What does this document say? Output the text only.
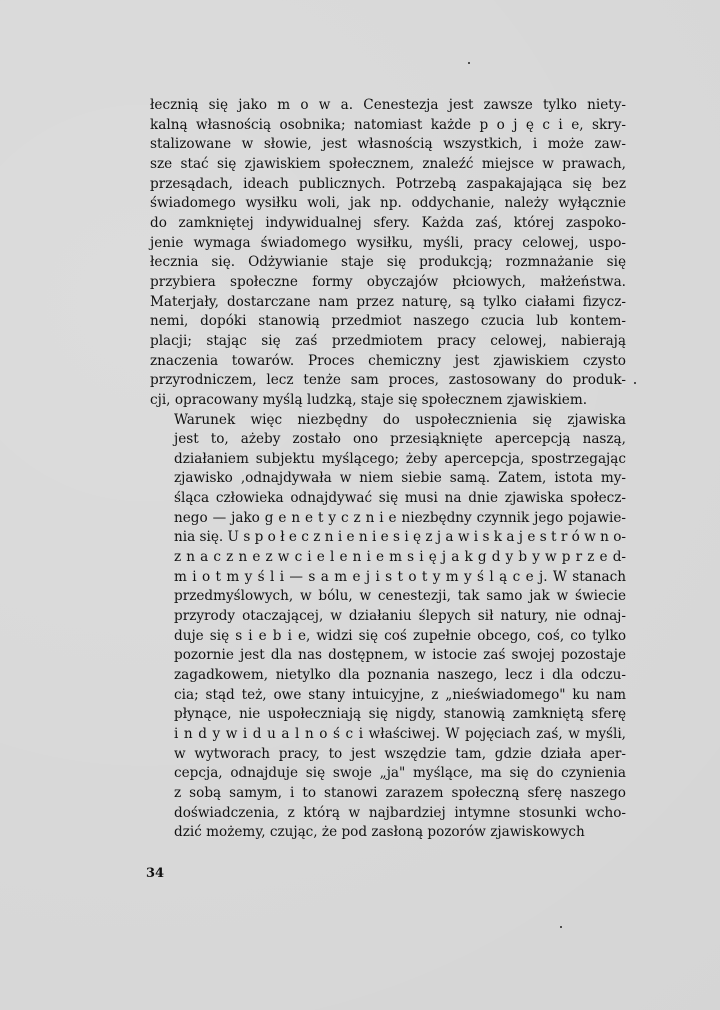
łecznią się jako m o w a. Cenestezja jest zawsze tylko niety-
kalną własnością osobnika; natomiast każde p o j ę c i e, skry-
stalizowane w słowie, jest własnością wszystkich, i może zaw-
sze stać się zjawiskiem społecznem, znaleźć miejsce w prawach,
przesądach, ideach publicznych. Potrzebą zaspakajająca się bez
świadomego wysiłku woli, jak np. oddychanie, należy wyłącznie
do zamkniętej indywidualnej sfery. Każda zaś, której zaspoko-
jenie wymaga świadomego wysiłku, myśli, pracy celowej, uspo-
łecznia się. Odżywianie staje się produkcją; rozmnażanie się
przybiera społeczne formy obyczajów płciowych, małżeństwa.
Materjały, dostarczane nam przez naturę, są tylko ciałami fizycz-
nemi, dopóki stanowią przedmiot naszego czucia lub kontem-
placji; stając się zaś przedmiotem pracy celowej, nabierają
znaczenia towarów. Proces chemiczny jest zjawiskiem czysto
przyrodniczem, lecz tenże sam proces, zastosowany do produk-
cji, opracowany myślą ludzką, staje się społecznem zjawiskiem.

Warunek więc niezbędny do uspołecznienia się zjawiska
jest to, ażeby zostało ono przesiąknięte apercepcją naszą,
działaniem subjektu myślącego; żeby apercepcja, spostrzegając
zjawisko ,odnajdywała w niem siebie samą. Zatem, istota my-
śląca człowieka odnajdywać się musi na dnie zjawiska społecz-
nego — jako g e n e t y c z n i e niezbędny czynnik jego pojawie-
nia się. U s p o ł e c z n i e n i e s i ę z j a w i s k a j e s t r ó w n o-
z n a c z n e z w c i e l e n i e m s i ę j a k g d y b y w p r z e d-
m i o t m y ś l i — s a m e j i s t o t y m y ś l ą c e j. W stanach
przedmyślowych, w bólu, w cenestezji, tak samo jak w świecie
przyrody otaczającej, w działaniu ślepych sił natury, nie odnaj-
duje się s i e b i e, widzi się coś zupełnie obcego, coś, co tylko
pozornie jest dla nas dostępnem, w istocie zaś swojej pozostaje
zagadkowem, nietylko dla poznania naszego, lecz i dla odczu-
cia; stąd też, owe stany intuicyjne, z „nieświadomego" ku nam
płynące, nie uspołeczniają się nigdy, stanowią zamkniętą sferę
i n d y w i d u a l n o ś c i właściwej. W pojęciach zaś, w myśli,
w wytworach pracy, to jest wszędzie tam, gdzie działa aper-
cepcja, odnajduje się swoje „ja" myślące, ma się do czynienia
z sobą samym, i to stanowi zarazem społeczną sferę naszego
doświadczenia, z którą w najbardziej intymne stosunki wcho-
dzić możemy, czując, że pod zasłoną pozorów zjawiskowych

34
